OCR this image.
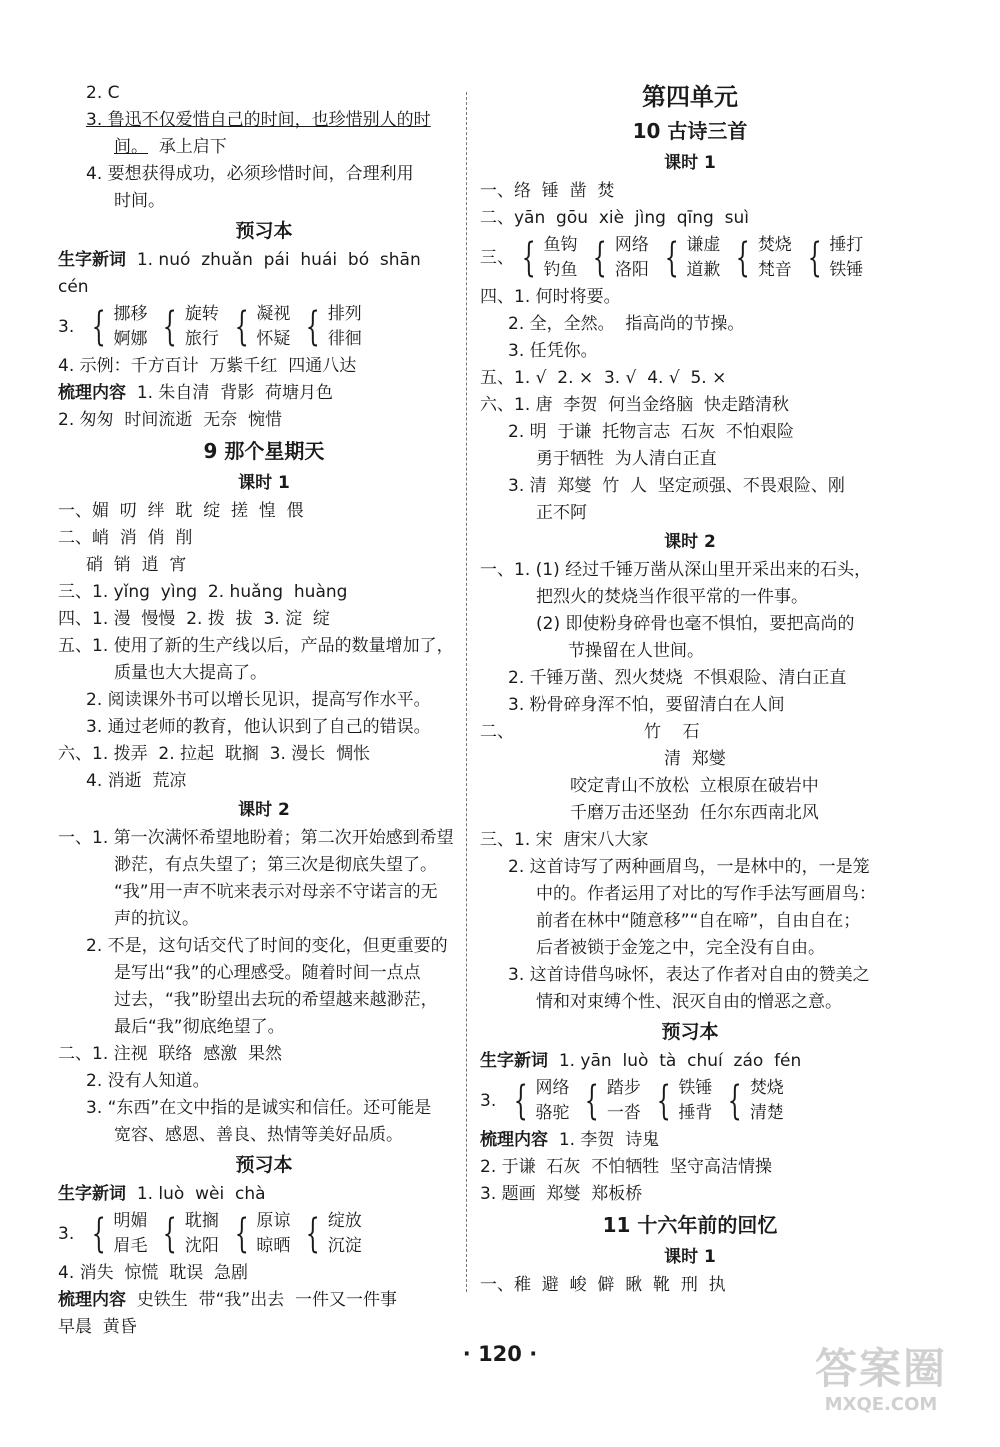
2. C
3. 鲁迅不仅爱惜自己的时间，也珍惜别人的时
间。 承上启下
4. 要想获得成功，必须珍惜时间，合理利用
时间。
预习本
生字新词 1. nuó  zhuǎn  pái  huái  bó  shān
cén
3. { 挪移
婀娜 { 旋转
旅行 { 凝视
怀疑 { 排列
徘徊
4. 示例：千方百计  万紫千红  四通八达
梳理内容 1. 朱自清  背影  荷塘月色
2. 匆匆  时间流逝  无奈  惋惜
9 那个星期天
课时 1
一、媚  叨  绊  耽  绽  搓  惶  偎
二、峭  消  俏  削
硝  销  逍  宵
三、1. yǐng  yìng  2. huǎng  huàng
四、1. 漫  慢慢  2. 拨  拔  3. 淀  绽
五、1. 使用了新的生产线以后，产品的数量增加了，
质量也大大提高了。
2. 阅读课外书可以增长见识，提高写作水平。
3. 通过老师的教育，他认识到了自己的错误。
六、1. 拨弄  2. 拉起  耽搁  3. 漫长  惆怅
4. 消逝  荒凉
课时 2
一、1. 第一次满怀希望地盼着；第二次开始感到希望
渺茫，有点失望了；第三次是彻底失望了。
“我”用一声不吭来表示对母亲不守诺言的无
声的抗议。
2. 不是，这句话交代了时间的变化，但更重要的
是写出“我”的心理感受。随着时间一点点
过去，“我”盼望出去玩的希望越来越渺茫，
最后“我”彻底绝望了。
二、1. 注视  联络  感激  果然
2. 没有人知道。
3. “东西”在文中指的是诚实和信任。还可能是
宽容、感恩、善良、热情等美好品质。
预习本
生字新词 1. luò  wèi  chà
3. { 明媚
眉毛 { 耽搁
沈阳 { 原谅
晾晒 { 绽放
沉淀
4. 消失  惊慌  耽误  急剧
梳理内容 史铁生  带“我”出去  一件又一件事
早晨  黄昏
第四单元
10 古诗三首
课时 1
一、络  锤  凿  焚
二、yān  gōu  xiè  jìng  qīng  suì
三、 { 鱼钩
钓鱼 { 网络
洛阳 { 谦虚
道歉 { 焚烧
梵音 { 捶打
铁锤
四、1. 何时将要。
2. 全，全然。  指高尚的节操。
3. 任凭你。
五、1. √  2. ×  3. √  4. √  5. ×
六、1. 唐  李贺  何当金络脑  快走踏清秋
2. 明  于谦  托物言志  石灰  不怕艰险
勇于牺牲  为人清白正直
3. 清  郑燮  竹  人  坚定顽强、不畏艰险、刚
正不阿
课时 2
一、1. (1) 经过千锤万凿从深山里开采出来的石头，
把烈火的焚烧当作很平常的一件事。
(2) 即使粉身碎骨也毫不惧怕，要把高尚的
节操留在人世间。
2. 千锤万凿、烈火焚烧  不惧艰险、清白正直
3. 粉骨碎身浑不怕，要留清白在人间
二、	竹    石
清  郑燮
咬定青山不放松  立根原在破岩中
千磨万击还坚劲  任尔东西南北风
三、1. 宋  唐宋八大家
2. 这首诗写了两种画眉鸟，一是林中的，一是笼
中的。作者运用了对比的写作手法写画眉鸟：
前者在林中“随意移”“自在啼”，自由自在；
后者被锁于金笼之中，完全没有自由。
3. 这首诗借鸟咏怀，表达了作者对自由的赞美之
情和对束缚个性、泯灭自由的憎恶之意。
预习本
生字新词 1. yān  luò  tà  chuí  záo  fén
3. { 网络
骆驼 { 踏步
一沓 { 铁锤
捶背 { 焚烧
清楚
梳理内容 1. 李贺  诗鬼
2. 于谦  石灰  不怕牺牲  坚守高洁情操
3. 题画  郑燮  郑板桥
11 十六年前的回忆
课时 1
一、稚  避  峻  僻  瞅  靴  刑  执
· 120 ·	答案圈
MXQE.COM
